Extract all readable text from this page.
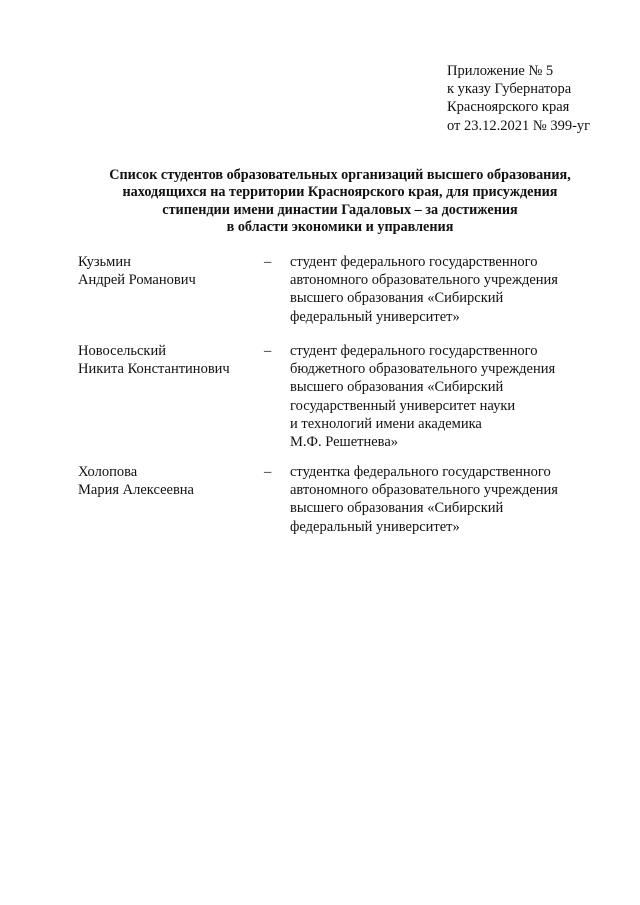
Приложение № 5
к указу Губернатора
Красноярского края
от 23.12.2021 № 399-уг
Список студентов образовательных организаций высшего образования,
находящихся на территории Красноярского края, для присуждения
стипендии имени династии Гадаловых – за достижения
в области экономики и управления
Кузьмин
Андрей Романович
– студент федерального государственного
автономного образовательного учреждения
высшего образования «Сибирский
федеральный университет»
Новосельский
Никита Константинович
– студент федерального государственного
бюджетного образовательного учреждения
высшего образования «Сибирский
государственный университет науки
и технологий имени академика
М.Ф. Решетнева»
Холопова
Мария Алексеевна
– студентка федерального государственного
автономного образовательного учреждения
высшего образования «Сибирский
федеральный университет»
